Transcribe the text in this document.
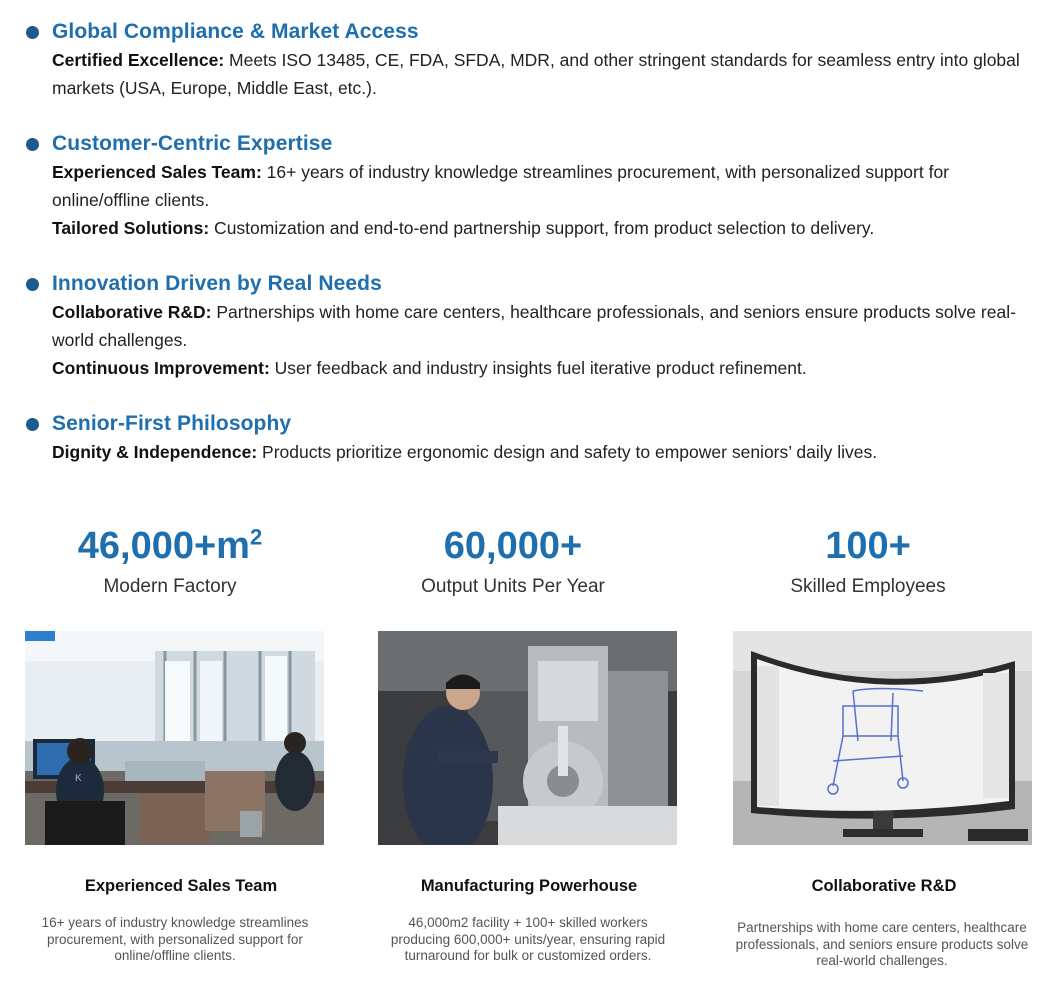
Global Compliance & Market Access
Certified Excellence: Meets ISO 13485, CE, FDA, SFDA, MDR, and other stringent standards for seamless entry into global markets (USA, Europe, Middle East, etc.).
Customer-Centric Expertise
Experienced Sales Team: 16+ years of industry knowledge streamlines procurement, with personalized support for online/offline clients.
Tailored Solutions: Customization and end-to-end partnership support, from product selection to delivery.
Innovation Driven by Real Needs
Collaborative R&D: Partnerships with home care centers, healthcare professionals, and seniors ensure products solve real-world challenges.
Continuous Improvement: User feedback and industry insights fuel iterative product refinement.
Senior-First Philosophy
Dignity & Independence: Products prioritize ergonomic design and safety to empower seniors’ daily lives.
$46,000+m^2$
Modern Factory
60,000+
Output Units Per Year
100+
Skilled Employees
K
Experienced Sales Team	Manufacturing Powerhouse	Collaborative R&D
16+ years of industry knowledge streamlines procurement, with personalized support for online/offline clients.
46,000m2 facility + 100+ skilled workers producing 600,000+ units/year, ensuring rapid turnaround for bulk or customized orders.
Partnerships with home care centers, healthcare professionals, and seniors ensure products solve real-world challenges.
